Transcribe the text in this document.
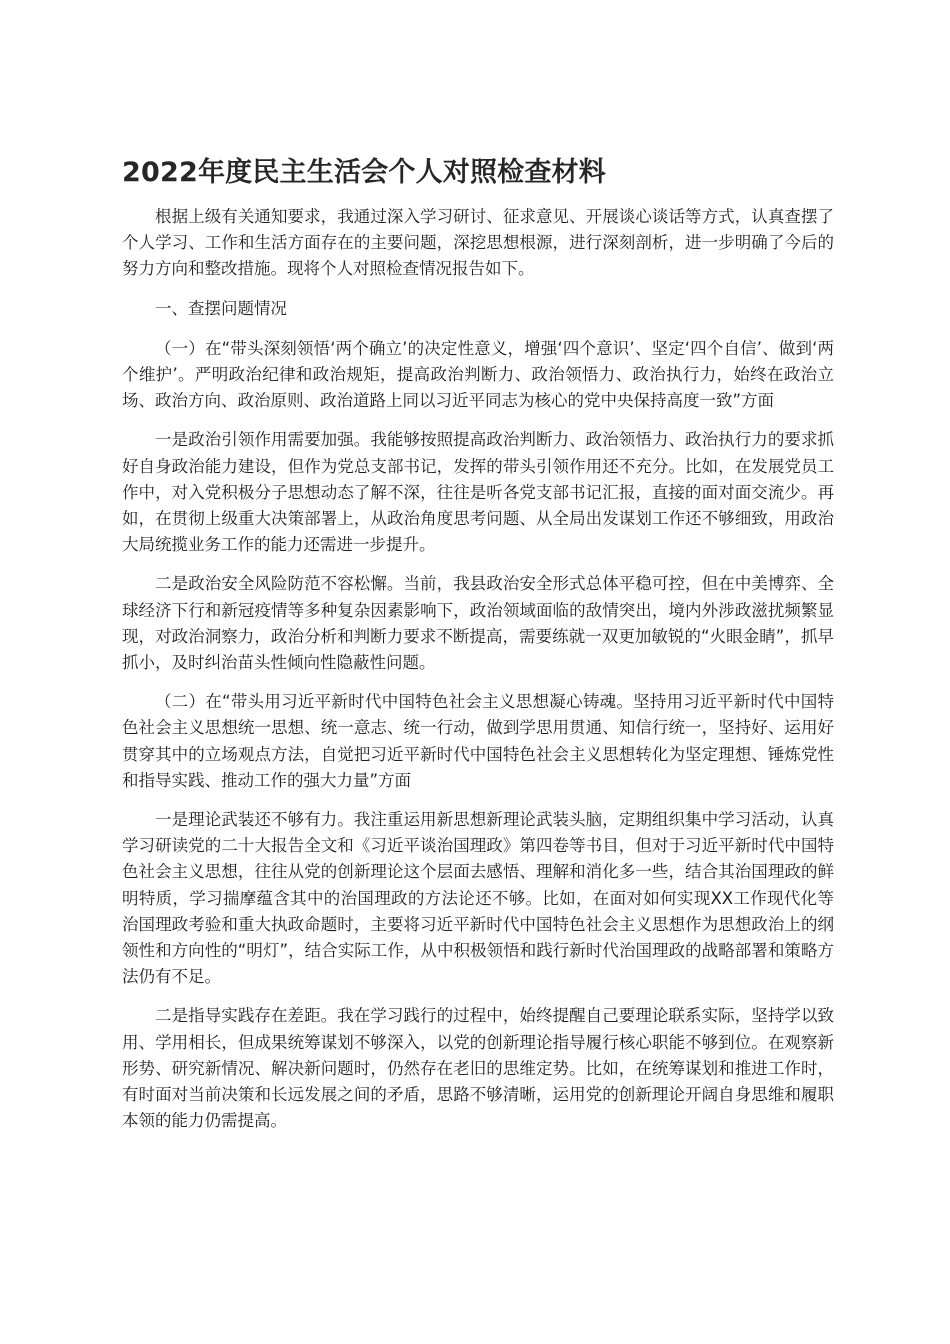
2022年度民主生活会个人对照检查材料

根据上级有关通知要求，我通过深入学习研讨、征求意见、开展谈心谈话等方式，认真查摆了个人学习、工作和生活方面存在的主要问题，深挖思想根源，进行深刻剖析，进一步明确了今后的努力方向和整改措施。现将个人对照检查情况报告如下。

一、查摆问题情况

（一）在“带头深刻领悟‘两个确立’的决定性意义，增强‘四个意识’、坚定‘四个自信’、做到‘两个维护’。严明政治纪律和政治规矩，提高政治判断力、政治领悟力、政治执行力，始终在政治立场、政治方向、政治原则、政治道路上同以习近平同志为核心的党中央保持高度一致”方面

一是政治引领作用需要加强。我能够按照提高政治判断力、政治领悟力、政治执行力的要求抓好自身政治能力建设，但作为党总支部书记，发挥的带头引领作用还不充分。比如，在发展党员工作中，对入党积极分子思想动态了解不深，往往是听各党支部书记汇报，直接的面对面交流少。再如，在贯彻上级重大决策部署上，从政治角度思考问题、从全局出发谋划工作还不够细致，用政治大局统揽业务工作的能力还需进一步提升。

二是政治安全风险防范不容松懈。当前，我县政治安全形式总体平稳可控，但在中美博弈、全球经济下行和新冠疫情等多种复杂因素影响下，政治领域面临的敌情突出，境内外涉政滋扰频繁显现，对政治洞察力，政治分析和判断力要求不断提高，需要练就一双更加敏锐的“火眼金睛”，抓早抓小，及时纠治苗头性倾向性隐蔽性问题。

（二）在“带头用习近平新时代中国特色社会主义思想凝心铸魂。坚持用习近平新时代中国特色社会主义思想统一思想、统一意志、统一行动，做到学思用贯通、知信行统一，坚持好、运用好贯穿其中的立场观点方法，自觉把习近平新时代中国特色社会主义思想转化为坚定理想、锤炼党性和指导实践、推动工作的强大力量”方面

一是理论武装还不够有力。我注重运用新思想新理论武装头脑，定期组织集中学习活动，认真学习研读党的二十大报告全文和《习近平谈治国理政》第四卷等书目，但对于习近平新时代中国特色社会主义思想，往往从党的创新理论这个层面去感悟、理解和消化多一些，结合其治国理政的鲜明特质，学习揣摩蕴含其中的治国理政的方法论还不够。比如，在面对如何实现XX工作现代化等治国理政考验和重大执政命题时，主要将习近平新时代中国特色社会主义思想作为思想政治上的纲领性和方向性的“明灯”，结合实际工作，从中积极领悟和践行新时代治国理政的战略部署和策略方法仍有不足。

二是指导实践存在差距。我在学习践行的过程中，始终提醒自己要理论联系实际，坚持学以致用、学用相长，但成果统筹谋划不够深入，以党的创新理论指导履行核心职能不够到位。在观察新形势、研究新情况、解决新问题时，仍然存在老旧的思维定势。比如，在统筹谋划和推进工作时，有时面对当前决策和长远发展之间的矛盾，思路不够清晰，运用党的创新理论开阔自身思维和履职本领的能力仍需提高。
